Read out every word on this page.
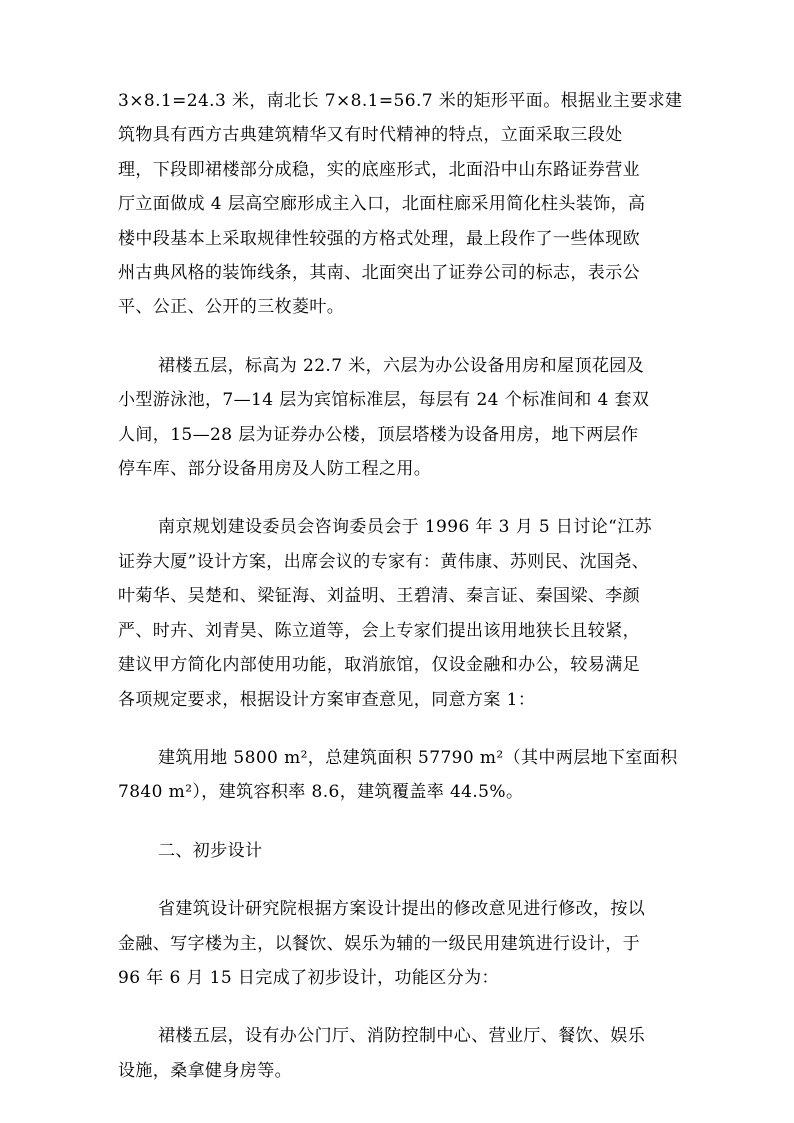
3×8.1=24.3 米，南北长 7×8.1=56.7 米的矩形平面。根据业主要求建
筑物具有西方古典建筑精华又有时代精神的特点，立面采取三段处
理，下段即裙楼部分成稳，实的底座形式，北面沿中山东路证券营业
厅立面做成 4 层高空廊形成主入口，北面柱廊采用简化柱头装饰，高
楼中段基本上采取规律性较强的方格式处理，最上段作了一些体现欧
州古典风格的装饰线条，其南、北面突出了证券公司的标志，表示公
平、公正、公开的三枚菱叶。

裙楼五层，标高为 22.7 米，六层为办公设备用房和屋顶花园及
小型游泳池，7—14 层为宾馆标准层，每层有 24 个标准间和 4 套双
人间，15—28 层为证券办公楼，顶层塔楼为设备用房，地下两层作
停车库、部分设备用房及人防工程之用。

南京规划建设委员会咨询委员会于 1996 年 3 月 5 日讨论“江苏
证券大厦”设计方案，出席会议的专家有：黄伟康、苏则民、沈国尧、
叶菊华、吴楚和、梁钲海、刘益明、王碧清、秦言证、秦国梁、李颜
严、时卉、刘青昊、陈立道等，会上专家们提出该用地狭长且较紧，
建议甲方简化内部使用功能，取消旅馆，仅设金融和办公，较易满足
各项规定要求，根据设计方案审查意见，同意方案 1：

建筑用地 5800 m²，总建筑面积 57790 m²（其中两层地下室面积
7840 m²），建筑容积率 8.6，建筑覆盖率 44.5%。

二、初步设计

省建筑设计研究院根据方案设计提出的修改意见进行修改，按以
金融、写字楼为主，以餐饮、娱乐为辅的一级民用建筑进行设计，于
96 年 6 月 15 日完成了初步设计，功能区分为：

裙楼五层，设有办公门厅、消防控制中心、营业厅、餐饮、娱乐
设施，桑拿健身房等。
